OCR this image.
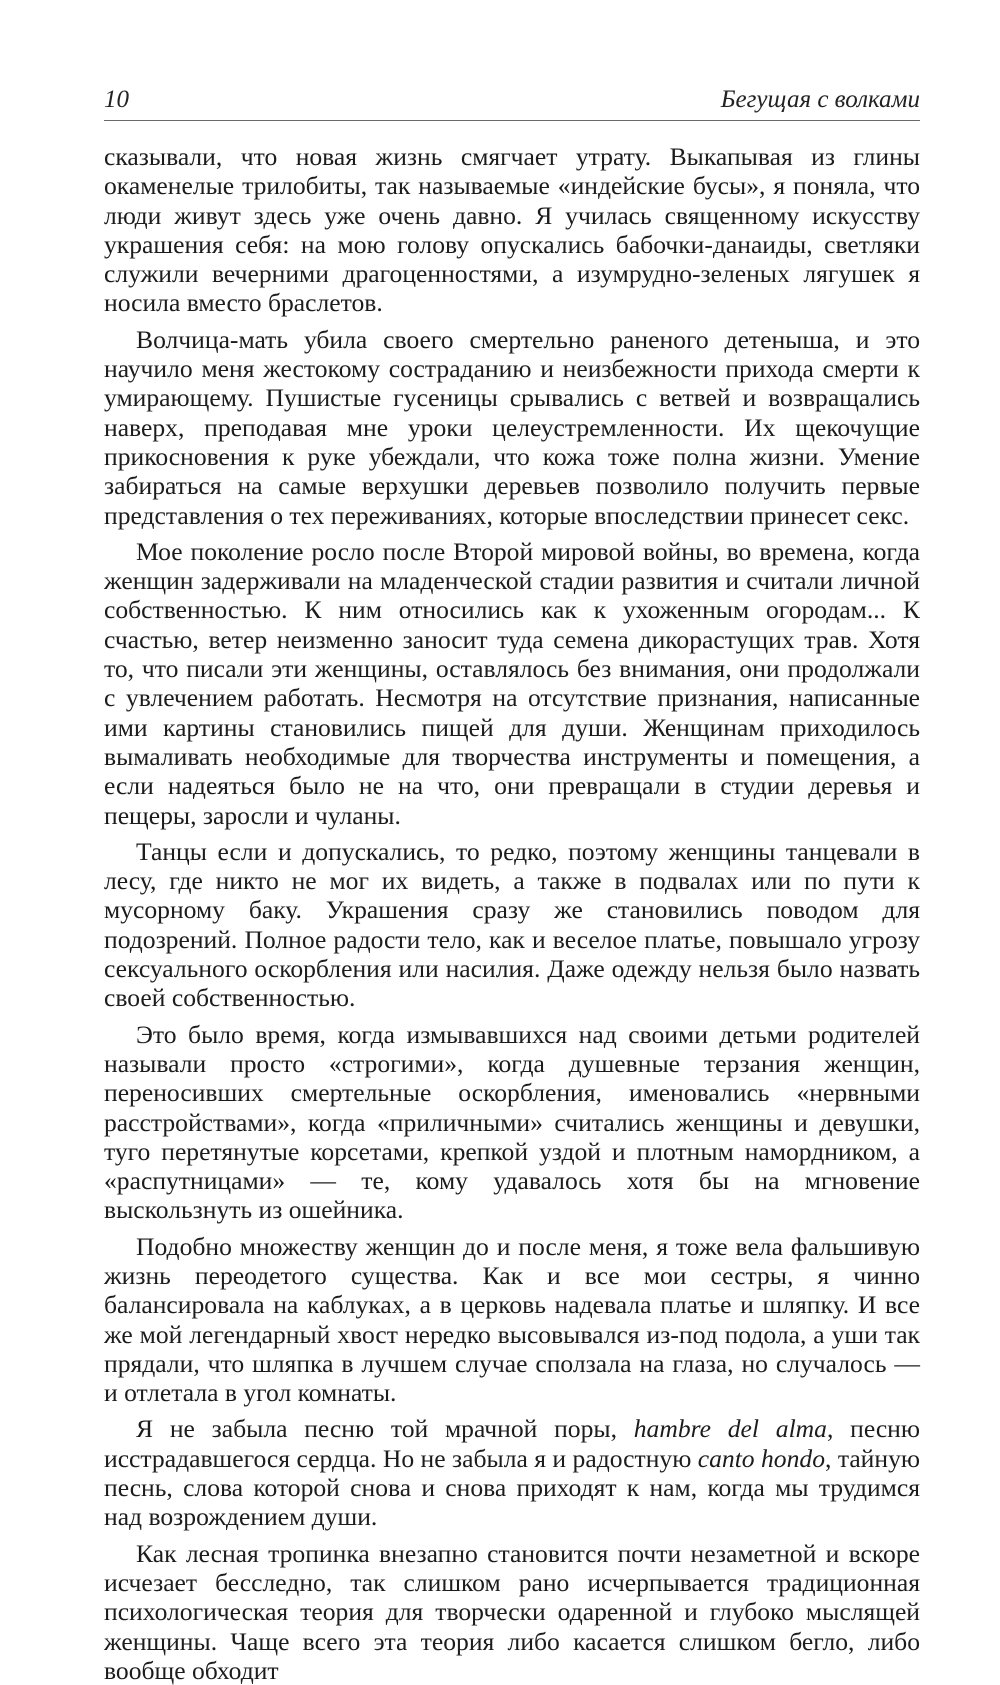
10	Бегущая с волками

сказывали, что новая жизнь смягчает утрату. Выкапывая из глины окаменелые трилобиты, так называемые «индейские бусы», я поняла, что люди живут здесь уже очень давно. Я училась священному искусству украшения себя: на мою голову опускались бабочки-данаиды, светляки служили вечерними драгоценностями, а изумрудно-зеленых лягушек я носила вместо браслетов.

Волчица-мать убила своего смертельно раненого детеныша, и это научило меня жестокому состраданию и неизбежности прихода смерти к умирающему. Пушистые гусеницы срывались с ветвей и возвращались наверх, преподавая мне уроки целеустремленности. Их щекочущие прикосновения к руке убеждали, что кожа тоже полна жизни. Умение забираться на самые верхушки деревьев позволило получить первые представления о тех переживаниях, которые впоследствии принесет секс.

Мое поколение росло после Второй мировой войны, во времена, когда женщин задерживали на младенческой стадии развития и считали личной собственностью. К ним относились как к ухоженным огородам... К счастью, ветер неизменно заносит туда семена дикорастущих трав. Хотя то, что писали эти женщины, оставлялось без внимания, они продолжали с увлечением работать. Несмотря на отсутствие признания, написанные ими картины становились пищей для души. Женщинам приходилось вымаливать необходимые для творчества инструменты и помещения, а если надеяться было не на что, они превращали в студии деревья и пещеры, заросли и чуланы.

Танцы если и допускались, то редко, поэтому женщины танцевали в лесу, где никто не мог их видеть, а также в подвалах или по пути к мусорному баку. Украшения сразу же становились поводом для подозрений. Полное радости тело, как и веселое платье, повышало угрозу сексуального оскорбления или насилия. Даже одежду нельзя было назвать своей собственностью.

Это было время, когда измывавшихся над своими детьми родителей называли просто «строгими», когда душевные терзания женщин, переносивших смертельные оскорбления, именовались «нервными расстройствами», когда «приличными» считались женщины и девушки, туго перетянутые корсетами, крепкой уздой и плотным намордником, а «распутницами» — те, кому удавалось хотя бы на мгновение выскользнуть из ошейника.

Подобно множеству женщин до и после меня, я тоже вела фальшивую жизнь переодетого существа. Как и все мои сестры, я чинно балансировала на каблуках, а в церковь надевала платье и шляпку. И все же мой легендарный хвост нередко высовывался из-под подола, а уши так прядали, что шляпка в лучшем случае сползала на глаза, но случалось — и отлетала в угол комнаты.

Я не забыла песню той мрачной поры, hambre del alma, песню исстрадавшегося сердца. Но не забыла я и радостную canto hondo, тайную песнь, слова которой снова и снова приходят к нам, когда мы трудимся над возрождением души.

Как лесная тропинка внезапно становится почти незаметной и вскоре исчезает бесследно, так слишком рано исчерпывается традиционная психологическая теория для творчески одаренной и глубоко мыслящей женщины. Чаще всего эта теория либо касается слишком бегло, либо вообще обходит
